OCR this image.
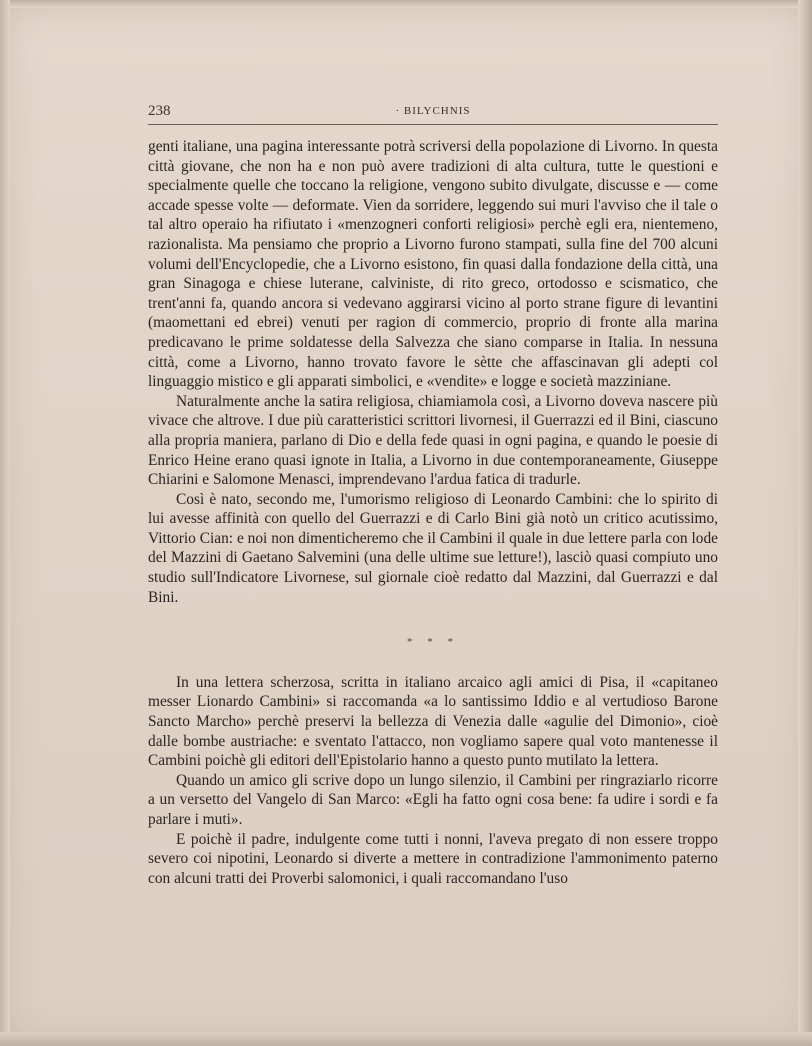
238	· BILYCHNIS

genti italiane, una pagina interessante potrà scriversi della popolazione di Livorno. In questa città giovane, che non ha e non può avere tradizioni di alta cultura, tutte le questioni e specialmente quelle che toccano la religione, vengono subito divulgate, discusse e — come accade spesse volte — deformate. Vien da sorridere, leggendo sui muri l'avviso che il tale o tal altro operaio ha rifiutato i «menzogneri conforti religiosi» perchè egli era, nientemeno, razionalista. Ma pensiamo che proprio a Livorno furono stampati, sulla fine del 700 alcuni volumi dell'Encyclopedie, che a Livorno esistono, fin quasi dalla fondazione della città, una gran Sinagoga e chiese luterane, calviniste, di rito greco, ortodosso e scismatico, che trent'anni fa, quando ancora si vedevano aggirarsi vicino al porto strane figure di levantini (maomettani ed ebrei) venuti per ragion di commercio, proprio di fronte alla marina predicavano le prime soldatesse della Salvezza che siano comparse in Italia. In nessuna città, come a Livorno, hanno trovato favore le sètte che affascinavan gli adepti col linguaggio mistico e gli apparati simbolici, e «vendite» e logge e società mazziniane.

Naturalmente anche la satira religiosa, chiamiamola così, a Livorno doveva nascere più vivace che altrove. I due più caratteristici scrittori livornesi, il Guerrazzi ed il Bini, ciascuno alla propria maniera, parlano di Dio e della fede quasi in ogni pagina, e quando le poesie di Enrico Heine erano quasi ignote in Italia, a Livorno in due contemporaneamente, Giuseppe Chiarini e Salomone Menasci, imprendevano l'ardua fatica di tradurle.

Così è nato, secondo me, l'umorismo religioso di Leonardo Cambini: che lo spirito di lui avesse affinità con quello del Guerrazzi e di Carlo Bini già notò un critico acutissimo, Vittorio Cian: e noi non dimenticheremo che il Cambini il quale in due lettere parla con lode del Mazzini di Gaetano Salvemini (una delle ultime sue letture!), lasciò quasi compiuto uno studio sull'Indicatore Livornese, sul giornale cioè redatto dal Mazzini, dal Guerrazzi e dal Bini.

* * *

In una lettera scherzosa, scritta in italiano arcaico agli amici di Pisa, il «capitaneo messer Lionardo Cambini» si raccomanda «a lo santissimo Iddio e al vertudioso Barone Sancto Marcho» perchè preservi la bellezza di Venezia dalle «agulie del Dimonio», cioè dalle bombe austriache: e sventato l'attacco, non vogliamo sapere qual voto mantenesse il Cambini poichè gli editori dell'Epistolario hanno a questo punto mutilato la lettera.

Quando un amico gli scrive dopo un lungo silenzio, il Cambini per ringraziarlo ricorre a un versetto del Vangelo di San Marco: «Egli ha fatto ogni cosa bene: fa udire i sordi e fa parlare i muti».

E poichè il padre, indulgente come tutti i nonni, l'aveva pregato di non essere troppo severo coi nipotini, Leonardo si diverte a mettere in contradizione l'ammonimento paterno con alcuni tratti dei Proverbi salomonici, i quali raccomandano l'uso
